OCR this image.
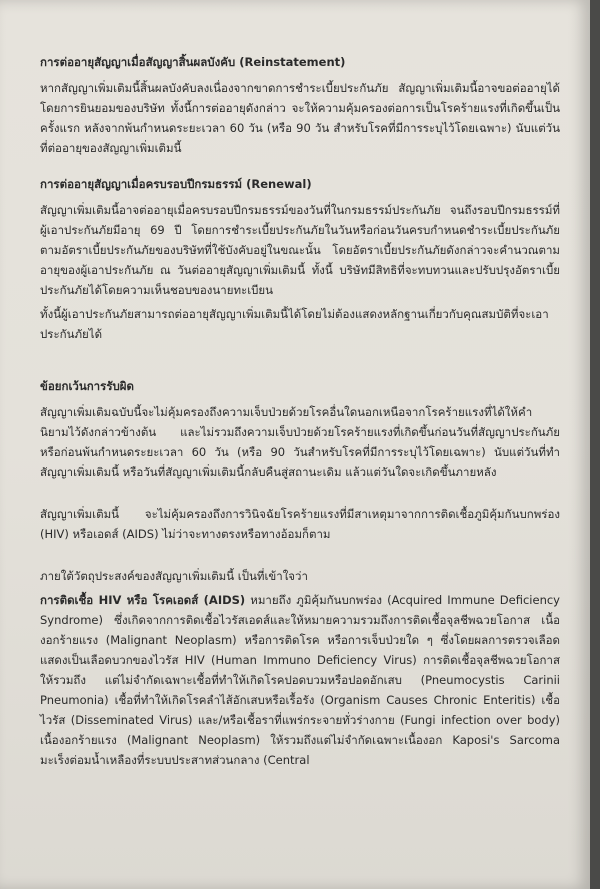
การต่ออายุสัญญาเมื่อสัญญาสิ้นผลบังคับ (Reinstatement)

หากสัญญาเพิ่มเติมนี้สิ้นผลบังคับลงเนื่องจากขาดการชำระเบี้ยประกันภัย สัญญาเพิ่มเติมนี้อาจขอต่ออายุได้โดยการยินยอมของบริษัท ทั้งนี้การต่ออายุดังกล่าว จะให้ความคุ้มครองต่อการเป็นโรคร้ายแรงที่เกิดขึ้นเป็นครั้งแรก หลังจากพ้นกำหนดระยะเวลา 60 วัน (หรือ 90 วัน สำหรับโรคที่มีการระบุไว้โดยเฉพาะ) นับแต่วันที่ต่ออายุของสัญญาเพิ่มเติมนี้

การต่ออายุสัญญาเมื่อครบรอบปีกรมธรรม์ (Renewal)

สัญญาเพิ่มเติมนี้อาจต่ออายุเมื่อครบรอบปีกรมธรรม์ของวันที่ในกรมธรรม์ประกันภัย จนถึงรอบปีกรมธรรม์ที่ผู้เอาประกันภัยมีอายุ 69 ปี โดยการชำระเบี้ยประกันภัยในวันหรือก่อนวันครบกำหนดชำระเบี้ยประกันภัยตามอัตราเบี้ยประกันภัยของบริษัทที่ใช้บังคับอยู่ในขณะนั้น โดยอัตราเบี้ยประกันภัยดังกล่าวจะคำนวณตามอายุของผู้เอาประกันภัย ณ วันต่ออายุสัญญาเพิ่มเติมนี้ ทั้งนี้ บริษัทมีสิทธิที่จะทบทวนและปรับปรุงอัตราเบี้ยประกันภัยได้โดยความเห็นชอบของนายทะเบียน

ทั้งนี้ผู้เอาประกันภัยสามารถต่ออายุสัญญาเพิ่มเติมนี้ได้โดยไม่ต้องแสดงหลักฐานเกี่ยวกับคุณสมบัติที่จะเอาประกันภัยได้

ข้อยกเว้นการรับผิด

สัญญาเพิ่มเติมฉบับนี้จะไม่คุ้มครองถึงความเจ็บป่วยด้วยโรคอื่นใดนอกเหนือจากโรคร้ายแรงที่ได้ให้คำนิยามไว้ดังกล่าวข้างต้น และไม่รวมถึงความเจ็บป่วยด้วยโรคร้ายแรงที่เกิดขึ้นก่อนวันที่สัญญาประกันภัย หรือก่อนพ้นกำหนดระยะเวลา 60 วัน (หรือ 90 วันสำหรับโรคที่มีการระบุไว้โดยเฉพาะ) นับแต่วันที่ทำสัญญาเพิ่มเติมนี้ หรือวันที่สัญญาเพิ่มเติมนี้กลับคืนสู่สถานะเดิม แล้วแต่วันใดจะเกิดขึ้นภายหลัง

สัญญาเพิ่มเติมนี้ จะไม่คุ้มครองถึงการวินิจฉัยโรคร้ายแรงที่มีสาเหตุมาจากการติดเชื้อภูมิคุ้มกันบกพร่อง (HIV) หรือเอดส์ (AIDS) ไม่ว่าจะทางตรงหรือทางอ้อมก็ตาม

ภายใต้วัตถุประสงค์ของสัญญาเพิ่มเติมนี้ เป็นที่เข้าใจว่า

การติดเชื้อ HIV หรือ โรคเอดส์ (AIDS) หมายถึง ภูมิคุ้มกันบกพร่อง (Acquired Immune Deficiency Syndrome) ซึ่งเกิดจากการติดเชื้อไวรัสเอดส์และให้หมายความรวมถึงการติดเชื้อจุลชีพฉวยโอกาส เนื้องอกร้ายแรง (Malignant Neoplasm) หรือการติดโรค หรือการเจ็บป่วยใด ๆ ซึ่งโดยผลการตรวจเลือดแสดงเป็นเลือดบวกของไวรัส HIV (Human Immuno Deficiency Virus) การติดเชื้อจุลชีพฉวยโอกาส ให้รวมถึง แต่ไม่จำกัดเฉพาะเชื้อที่ทำให้เกิดโรคปอดบวมหรือปอดอักเสบ (Pneumocystis Carinii Pneumonia) เชื้อที่ทำให้เกิดโรคลำไส้อักเสบหรือเรื้อรัง (Organism Causes Chronic Enteritis) เชื้อไวรัส (Disseminated Virus) และ/หรือเชื้อราที่แพร่กระจายทั่วร่างกาย (Fungi infection over body) เนื้องอกร้ายแรง (Malignant Neoplasm) ให้รวมถึงแต่ไม่จำกัดเฉพาะเนื้องอก Kaposi's Sarcoma มะเร็งต่อมน้ำเหลืองที่ระบบประสาทส่วนกลาง (Central
